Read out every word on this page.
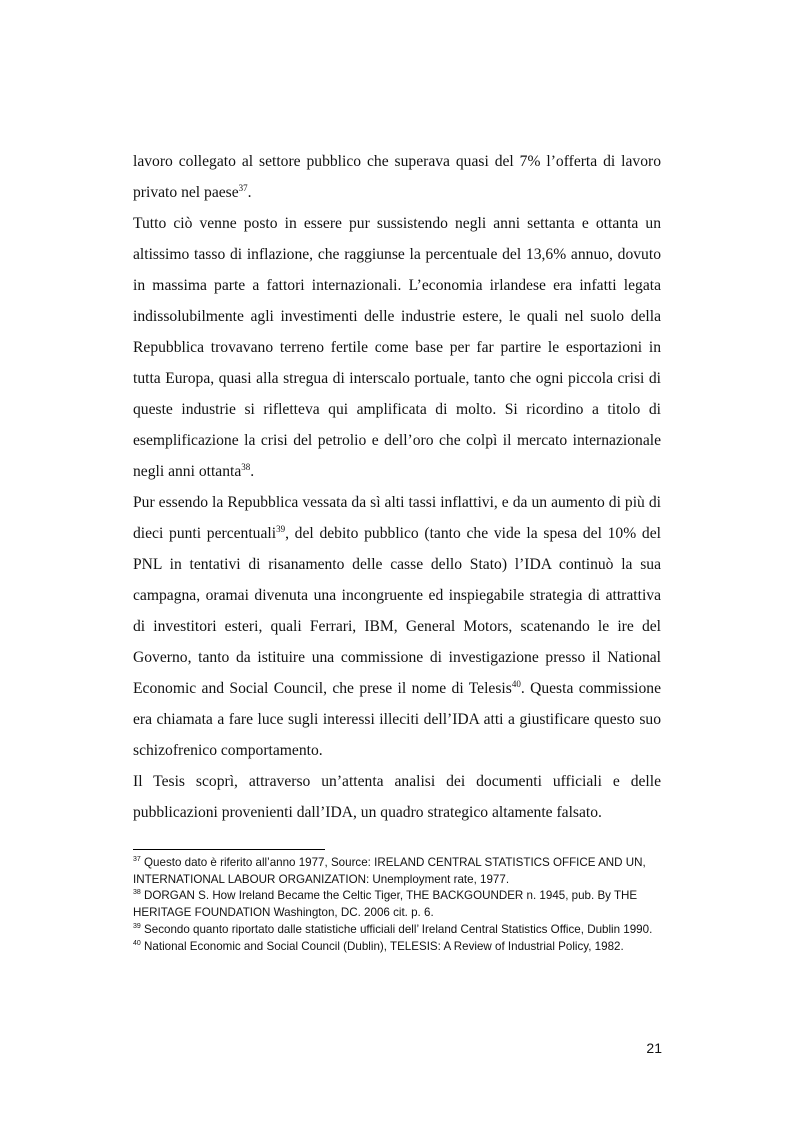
lavoro collegato al settore pubblico che superava quasi del 7% l’offerta di lavoro privato nel paese$^{37}$.

Tutto ciò venne posto in essere pur sussistendo negli anni settanta e ottanta un altissimo tasso di inflazione, che raggiunse la percentuale del 13,6% annuo, dovuto in massima parte a fattori internazionali. L’economia irlandese era infatti legata indissolubilmente agli investimenti delle industrie estere, le quali nel suolo della Repubblica trovavano terreno fertile come base per far partire le esportazioni in tutta Europa, quasi alla stregua di interscalo portuale, tanto che ogni piccola crisi di queste industrie si rifletteva qui amplificata di molto. Si ricordino a titolo di esemplificazione la crisi del petrolio e dell’oro che colpì il mercato internazionale negli anni ottanta$^{38}$.

Pur essendo la Repubblica vessata da sì alti tassi inflattivi, e da un aumento di più di dieci punti percentuali$^{39}$, del debito pubblico (tanto che vide la spesa del 10% del PNL in tentativi di risanamento delle casse dello Stato) l’IDA continuò la sua campagna, oramai divenuta una incongruente ed inspiegabile strategia di attrattiva di investitori esteri, quali Ferrari, IBM, General Motors, scatenando le ire del Governo, tanto da istituire una commissione di investigazione presso il National Economic and Social Council, che prese il nome di Telesis$^{40}$. Questa commissione era chiamata a fare luce sugli interessi illeciti dell’IDA atti a giustificare questo suo schizofrenico comportamento.

Il Tesis scoprì, attraverso un’attenta analisi dei documenti ufficiali e delle pubblicazioni provenienti dall’IDA, un quadro strategico altamente falsato.

$^{37}$ Questo dato è riferito all’anno 1977, Source: IRELAND CENTRAL STATISTICS OFFICE AND UN, INTERNATIONAL LABOUR ORGANIZATION: Unemployment rate, 1977.

$^{38}$ DORGAN S. How Ireland Became the Celtic Tiger, THE BACKGOUNDER n. 1945, pub. By THE HERITAGE FOUNDATION Washington, DC. 2006 cit. p. 6.

$^{39}$ Secondo quanto riportato dalle statistiche ufficiali dell’ Ireland Central Statistics Office, Dublin 1990.

$^{40}$ National Economic and Social Council (Dublin), TELESIS: A Review of Industrial Policy, 1982.

21
